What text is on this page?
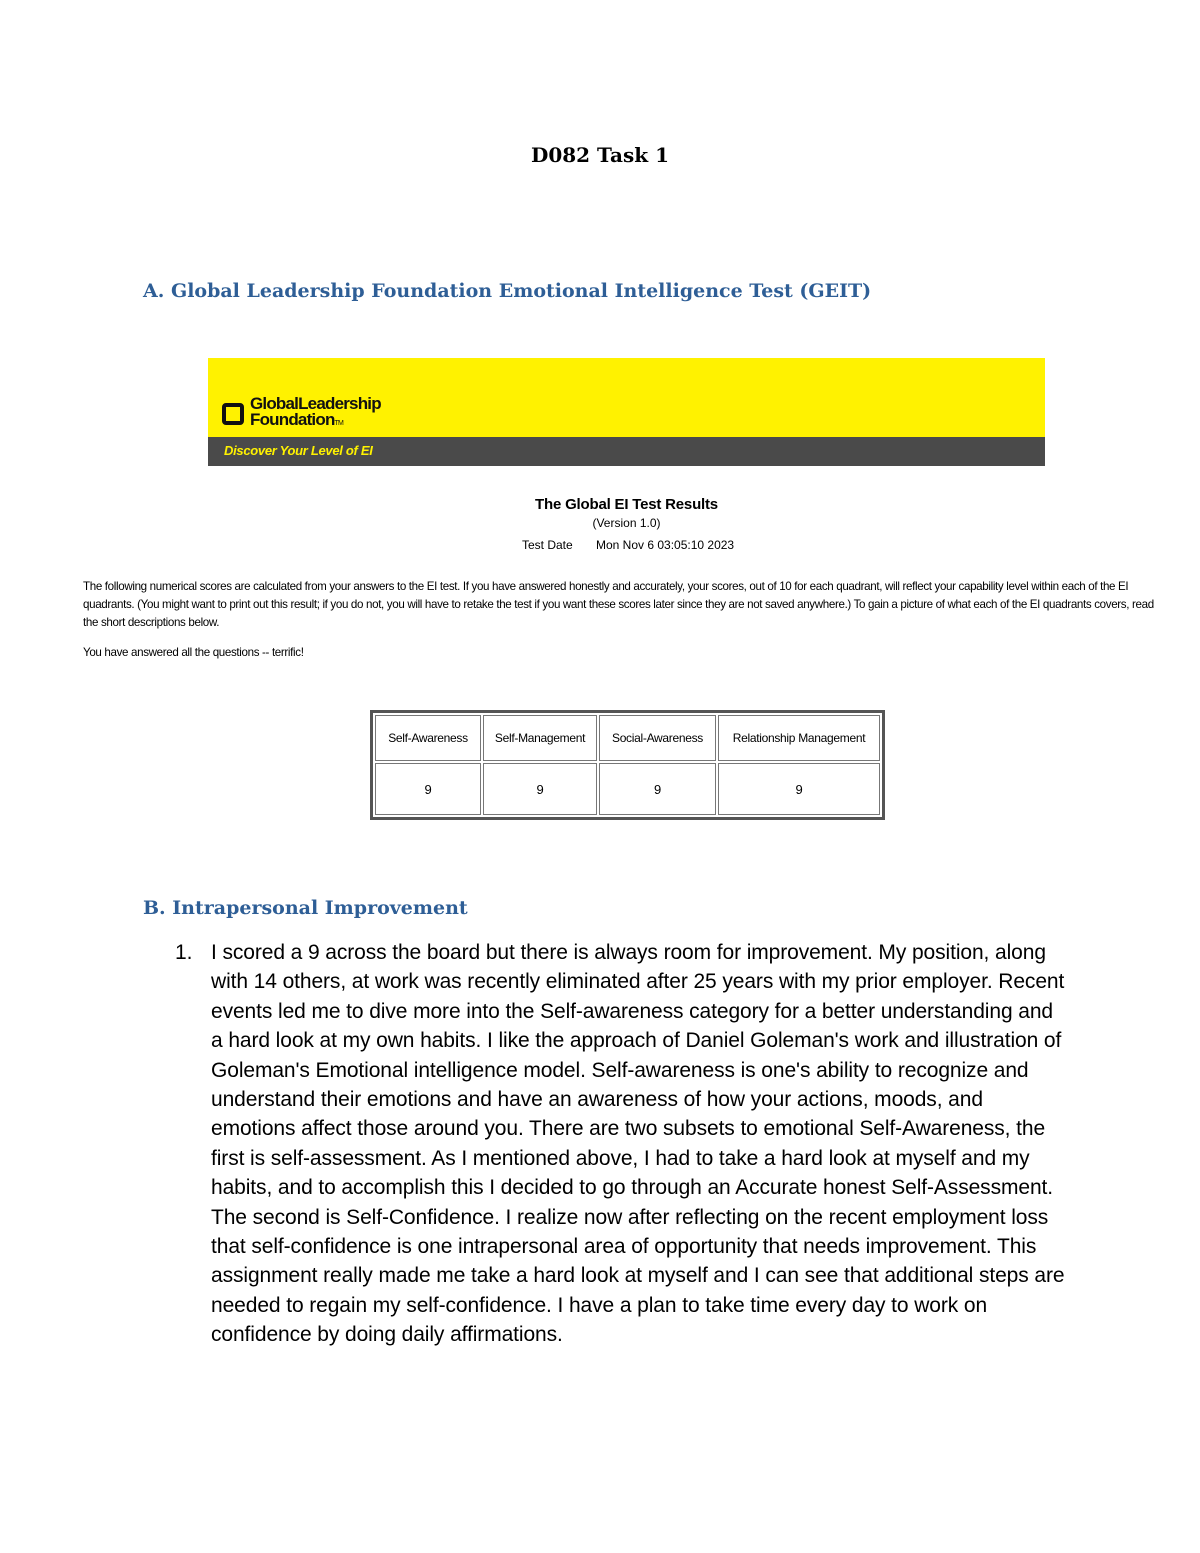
D082 Task 1
A. Global Leadership Foundation Emotional Intelligence Test (GEIT)
GlobalLeadership
FoundationTM
Discover Your Level of EI
The Global EI Test Results
(Version 1.0)
Test Date Mon Nov 6 03:05:10 2023
The following numerical scores are calculated from your answers to the EI test. If you have answered honestly and accurately, your scores, out of 10 for each quadrant, will reflect your capability level within each of the EI quadrants. (You might want to print out this result; if you do not, you will have to retake the test if you want these scores later since they are not saved anywhere.) To gain a picture of what each of the EI quadrants covers, read the short descriptions below.
You have answered all the questions -- terrific!
Self-Awareness	Self-Management	Social-Awareness	Relationship Management
9	9	9	9
B. Intrapersonal Improvement
1. I scored a 9 across the board but there is always room for improvement. My position, along with 14 others, at work was recently eliminated after 25 years with my prior employer. Recent events led me to dive more into the Self-awareness category for a better understanding and a hard look at my own habits. I like the approach of Daniel Goleman's work and illustration of Goleman's Emotional intelligence model. Self-awareness is one's ability to recognize and understand their emotions and have an awareness of how your actions, moods, and emotions affect those around you. There are two subsets to emotional Self-Awareness, the first is self-assessment. As I mentioned above, I had to take a hard look at myself and my habits, and to accomplish this I decided to go through an Accurate honest Self-Assessment. The second is Self-Confidence. I realize now after reflecting on the recent employment loss that self-confidence is one intrapersonal area of opportunity that needs improvement. This assignment really made me take a hard look at myself and I can see that additional steps are needed to regain my self-confidence. I have a plan to take time every day to work on confidence by doing daily affirmations.
